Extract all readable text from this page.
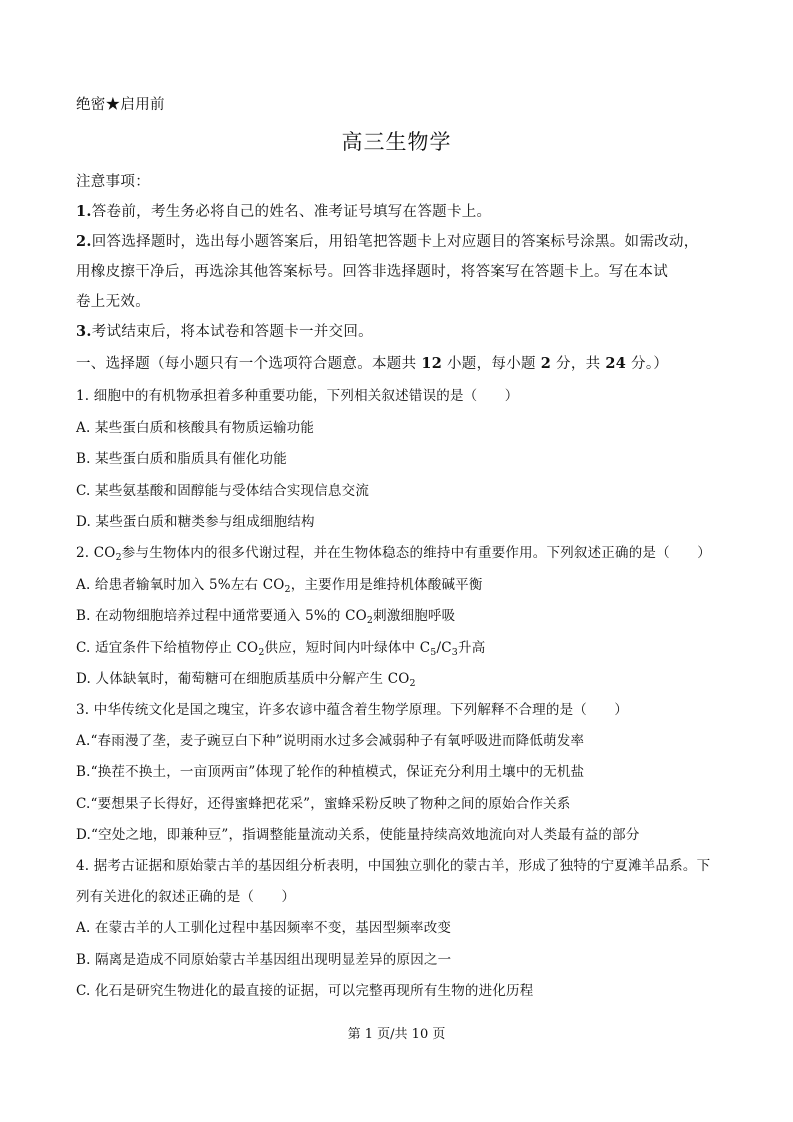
绝密★启用前
高三生物学
注意事项：
1.答卷前，考生务必将自己的姓名、准考证号填写在答题卡上。
2.回答选择题时，选出每小题答案后，用铅笔把答题卡上对应题目的答案标号涂黑。如需改动，
用橡皮擦干净后，再选涂其他答案标号。回答非选择题时，将答案写在答题卡上。写在本试
卷上无效。
3.考试结束后，将本试卷和答题卡一并交回。
一、选择题（每小题只有一个选项符合题意。本题共 12 小题，每小题 2 分，共 24 分。）
1. 细胞中的有机物承担着多种重要功能，下列相关叙述错误的是（　　）
A. 某些蛋白质和核酸具有物质运输功能
B. 某些蛋白质和脂质具有催化功能
C. 某些氨基酸和固醇能与受体结合实现信息交流
D. 某些蛋白质和糖类参与组成细胞结构
2. $CO_2$参与生物体内的很多代谢过程，并在生物体稳态的维持中有重要作用。下列叙述正确的是（　　）
A. 给患者输氧时加入 5%左右 $CO_2$，主要作用是维持机体酸碱平衡
B. 在动物细胞培养过程中通常要通入 5%的 $CO_2$刺激细胞呼吸
C. 适宜条件下给植物停止 $CO_2$供应，短时间内叶绿体中 $C_5/C_3$升高
D. 人体缺氧时，葡萄糖可在细胞质基质中分解产生 $CO_2$
3. 中华传统文化是国之瑰宝，许多农谚中蕴含着生物学原理。下列解释不合理的是（　　）
A.“春雨漫了垄，麦子豌豆白下种”说明雨水过多会减弱种子有氧呼吸进而降低萌发率
B.“换茬不换土，一亩顶两亩”体现了轮作的种植模式，保证充分利用土壤中的无机盐
C.“要想果子长得好，还得蜜蜂把花采”，蜜蜂采粉反映了物种之间的原始合作关系
D.“空处之地，即兼种豆”，指调整能量流动关系，使能量持续高效地流向对人类最有益的部分
4. 据考古证据和原始蒙古羊的基因组分析表明，中国独立驯化的蒙古羊，形成了独特的宁夏滩羊品系。下
列有关进化的叙述正确的是（　　）
A. 在蒙古羊的人工驯化过程中基因频率不变，基因型频率改变
B. 隔离是造成不同原始蒙古羊基因组出现明显差异的原因之一
C. 化石是研究生物进化的最直接的证据，可以完整再现所有生物的进化历程
第 1 页/共 10 页
